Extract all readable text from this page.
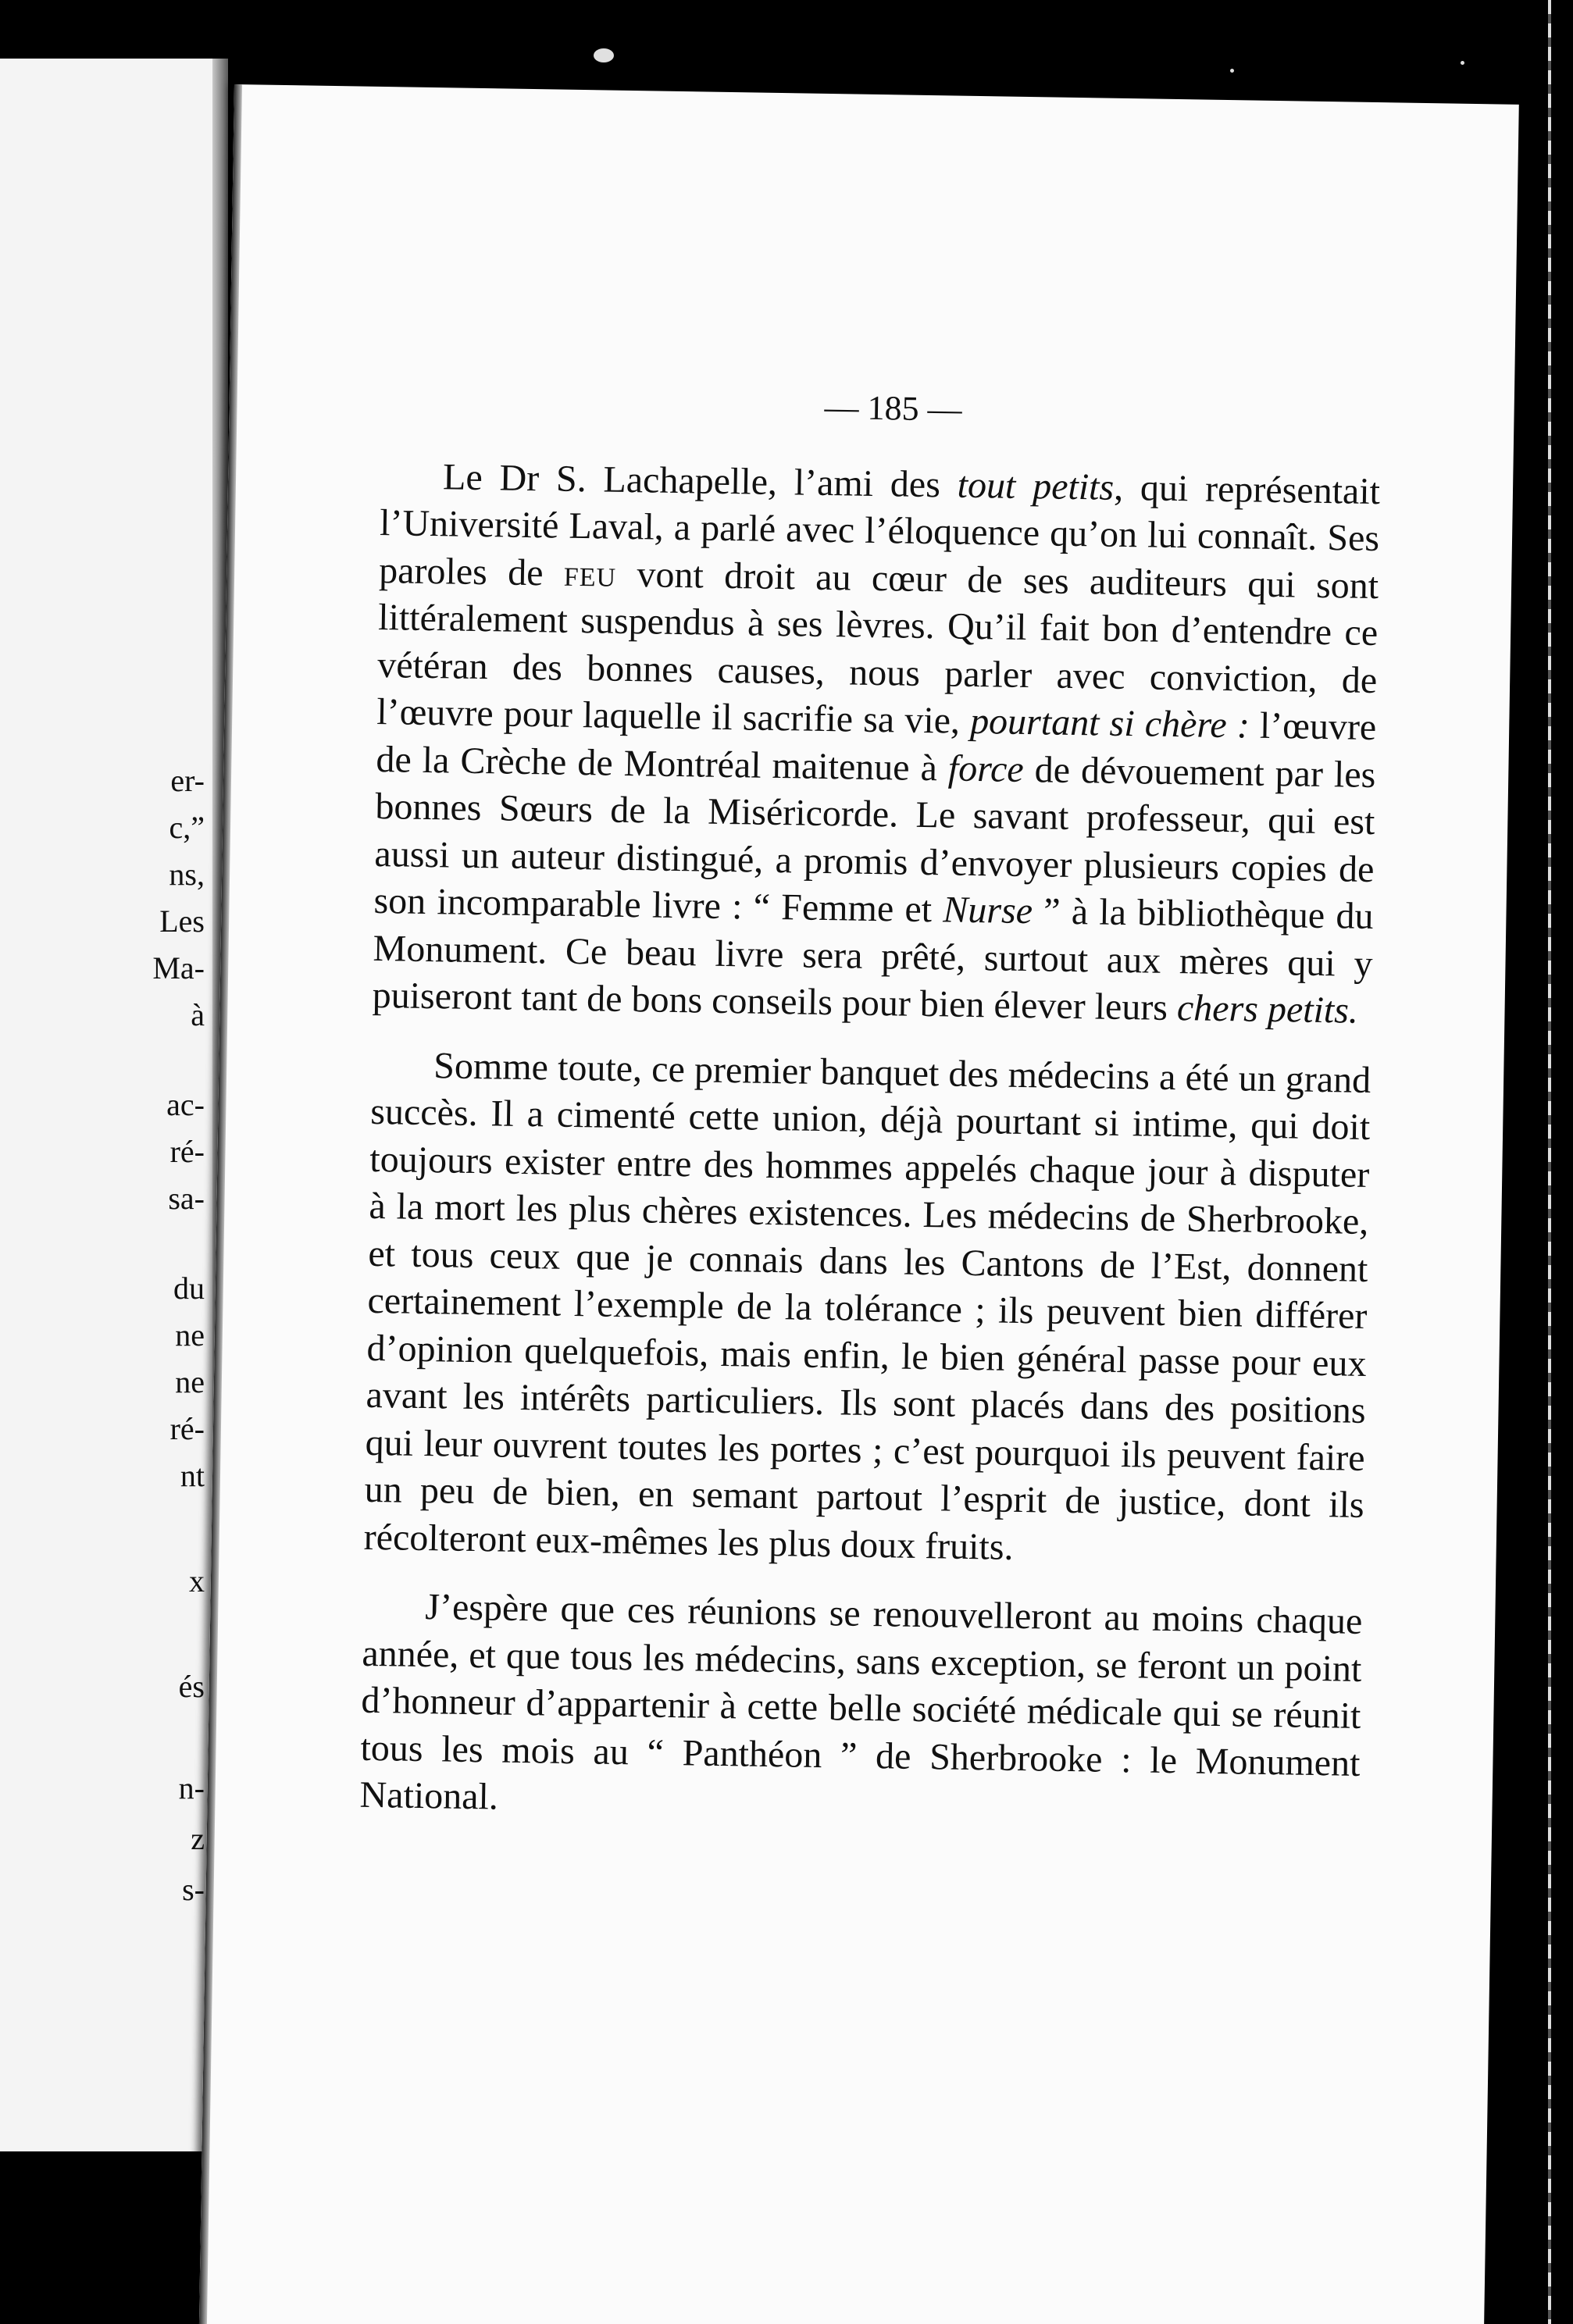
er-
c,”
ns,
Les
Ma-
à
ac-
ré-
sa-
du
ne
ne
ré-
nt
x
és
n-
z
s-
— 185 —

Le Dr S. Lachapelle, l’ami des tout petits, qui représentait l’Université Laval, a parlé avec l’éloquence qu’on lui connaît. Ses paroles de feu vont droit au cœur de ses auditeurs qui sont littéralement suspendus à ses lèvres. Qu’il fait bon d’entendre ce vétéran des bonnes causes, nous parler avec conviction, de l’œuvre pour laquelle il sacrifie sa vie, pourtant si chère : l’œuvre de la Crèche de Montréal maitenue à force de dévouement par les bonnes Sœurs de la Miséricorde. Le savant professeur, qui est aussi un auteur distingué, a promis d’envoyer plusieurs copies de son incomparable livre : “ Femme et Nurse ” à la bibliothèque du Monument. Ce beau livre sera prêté, surtout aux mères qui y puiseront tant de bons conseils pour bien élever leurs chers petits.

Somme toute, ce premier banquet des médecins a été un grand succès. Il a cimenté cette union, déjà pourtant si intime, qui doit toujours exister entre des hommes appelés chaque jour à disputer à la mort les plus chères existences. Les médecins de Sherbrooke, et tous ceux que je connais dans les Cantons de l’Est, donnent certainement l’exemple de la tolérance ; ils peuvent bien différer d’opinion quelquefois, mais enfin, le bien général passe pour eux avant les intérêts particuliers. Ils sont placés dans des positions qui leur ouvrent toutes les portes ; c’est pourquoi ils peuvent faire un peu de bien, en semant partout l’esprit de justice, dont ils récolteront eux-mêmes les plus doux fruits.

J’espère que ces réunions se renouvelleront au moins chaque année, et que tous les médecins, sans exception, se feront un point d’honneur d’appartenir à cette belle société médicale qui se réunit tous les mois au “ Panthéon ” de Sherbrooke : le Monument National.
